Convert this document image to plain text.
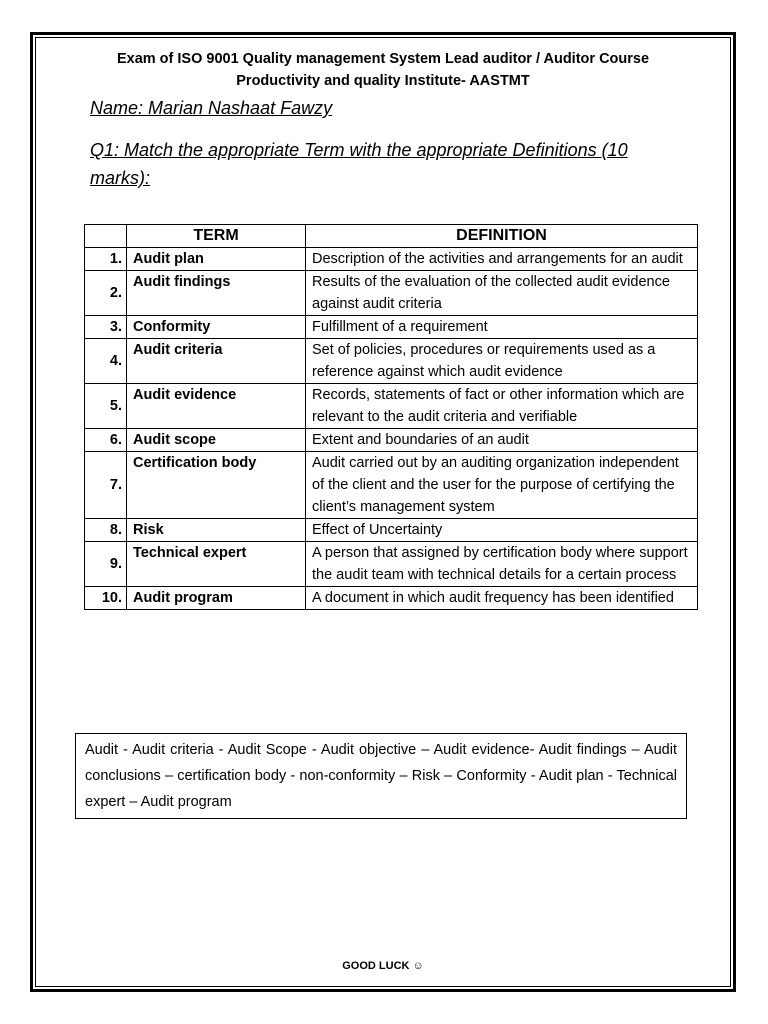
Exam of ISO 9001 Quality management System Lead auditor / Auditor Course
Productivity and quality Institute- AASTMT
Name: Marian Nashaat Fawzy
Q1: Match the appropriate Term with the appropriate Definitions (10 marks):
	TERM	DEFINITION
1.	Audit plan	Description of the activities and arrangements for an audit
2.	Audit findings	Results of the evaluation of the collected audit evidence against audit criteria
3.	Conformity	Fulfillment of a requirement
4.	Audit criteria	Set of policies, procedures or requirements used as a reference against which audit evidence
5.	Audit evidence	Records, statements of fact or other information which are relevant to the audit criteria and verifiable
6.	Audit scope	Extent and boundaries of an audit
7.	Certification body	Audit carried out by an auditing organization independent of the client and the user for the purpose of certifying the client’s management system
8.	Risk	Effect of Uncertainty
9.	Technical expert	A person that assigned by certification body where support the audit team with technical details for a certain process
10.	Audit program	A document in which audit frequency has been identified
Audit - Audit criteria - Audit Scope - Audit objective – Audit evidence- Audit findings – Audit conclusions – certification body - non-conformity – Risk – Conformity - Audit plan - Technical expert – Audit program
GOOD LUCK ☺
